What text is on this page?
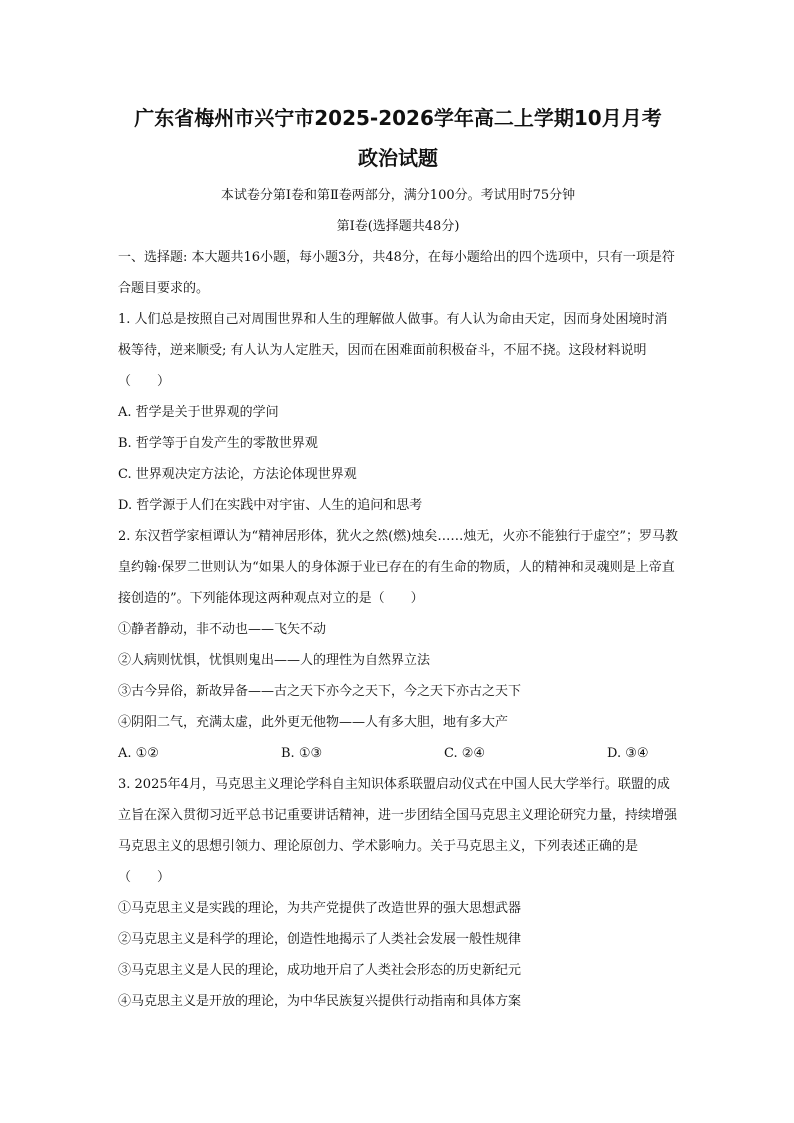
广东省梅州市兴宁市2025-2026学年高二上学期10月月考

政治试题

本试卷分第Ⅰ卷和第Ⅱ卷两部分，满分100分。考试用时75分钟

第Ⅰ卷(选择题共48分)

一、选择题: 本大题共16小题，每小题3分，共48分，在每小题给出的四个选项中，只有一项是符合题目要求的。

1. 人们总是按照自己对周围世界和人生的理解做人做事。有人认为命由天定，因而身处困境时消极等待，逆来顺受; 有人认为人定胜天，因而在困难面前积极奋斗，不屈不挠。这段材料说明（　　）

A. 哲学是关于世界观的学问

B. 哲学等于自发产生的零散世界观

C. 世界观决定方法论，方法论体现世界观

D. 哲学源于人们在实践中对宇宙、人生的追问和思考

2. 东汉哲学家桓谭认为“精神居形体，犹火之然(燃)烛矣……烛无，火亦不能独行于虚空”；罗马教皇约翰·保罗二世则认为“如果人的身体源于业已存在的有生命的物质，人的精神和灵魂则是上帝直接创造的”。下列能体现这两种观点对立的是（　　）

①静者静动，非不动也——飞矢不动

②人病则忧惧，忧惧则鬼出——人的理性为自然界立法

③古今异俗，新故异备——古之天下亦今之天下，今之天下亦古之天下

④阴阳二气，充满太虚，此外更无他物——人有多大胆，地有多大产

A. ①②	B. ①③	C. ②④	D. ③④

3. 2025年4月，马克思主义理论学科自主知识体系联盟启动仪式在中国人民大学举行。联盟的成立旨在深入贯彻习近平总书记重要讲话精神，进一步团结全国马克思主义理论研究力量，持续增强马克思主义的思想引领力、理论原创力、学术影响力。关于马克思主义，下列表述正确的是（　　）

①马克思主义是实践的理论，为共产党提供了改造世界的强大思想武器

②马克思主义是科学的理论，创造性地揭示了人类社会发展一般性规律

③马克思主义是人民的理论，成功地开启了人类社会形态的历史新纪元

④马克思主义是开放的理论，为中华民族复兴提供行动指南和具体方案
